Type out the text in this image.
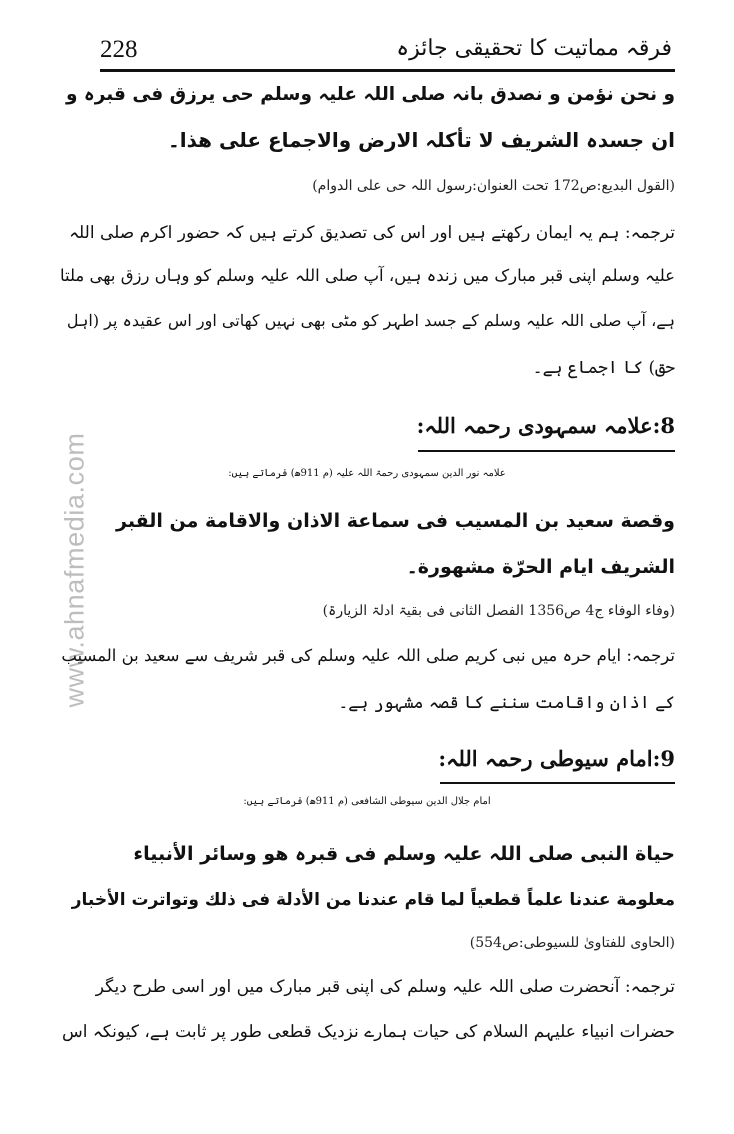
228	فرقہ مماتیت کا تحقیقی جائزہ
www.ahnafmedia.com
و نحن نؤمن و نصدق بانہ صلی اللہ علیہ وسلم حی یرزق فی قبرہ و
ان جسدہ الشریف لا تأکلہ الارض والاجماع علی ھذا۔
(القول البدیع:ص172 تحت العنوان:رسول اللہ حی علی الدوام)
ترجمہ: ہم یہ ایمان رکھتے ہیں اور اس کی تصدیق کرتے ہیں کہ حضور اکرم صلی اللہ
علیہ وسلم اپنی قبر مبارک میں زندہ ہیں، آپ صلی اللہ علیہ وسلم کو وہاں رزق بھی ملتا
ہے، آپ صلی اللہ علیہ وسلم کے جسد اطہر کو مٹی بھی نہیں کھاتی اور اس عقیدہ پر (اہل
حق) کا اجماع ہے۔
8:علامہ سمہودی رحمہ اللہ:
علامہ نور الدین سمہودی رحمۃ اللہ علیہ (م 911ھ) فرماتے ہیں:
وقصة سعيد بن المسيب فی سماعة الاذان والاقامة من القبر
الشريف ايام الحرّة مشهورة۔
(وفاء الوفاء ج4 ص1356 الفصل الثانی فی بقیۃ ادلۃ الزیارۃ)
ترجمہ: ایام حرہ میں نبی کریم صلی اللہ علیہ وسلم کی قبر شریف سے سعید بن المسیب
کے اذان واقامت سننے کا قصہ مشہور ہے۔
9:امام سیوطی رحمہ اللہ:
امام جلال الدین سیوطی الشافعی (م 911ھ) فرماتے ہیں:
حياة النبی صلی اللہ علیہ وسلم فی قبرہ ھو وسائر الأنبياء
معلومة عندنا علماً قطعياً لما قام عندنا من الأدلة فی ذلك وتواترت الأخبار
(الحاوی للفتاویٰ للسیوطی:ص554)
ترجمہ: آنحضرت صلی اللہ علیہ وسلم کی اپنی قبر مبارک میں اور اسی طرح دیگر
حضرات انبیاء علیہم السلام کی حیات ہمارے نزدیک قطعی طور پر ثابت ہے، کیونکہ اس
